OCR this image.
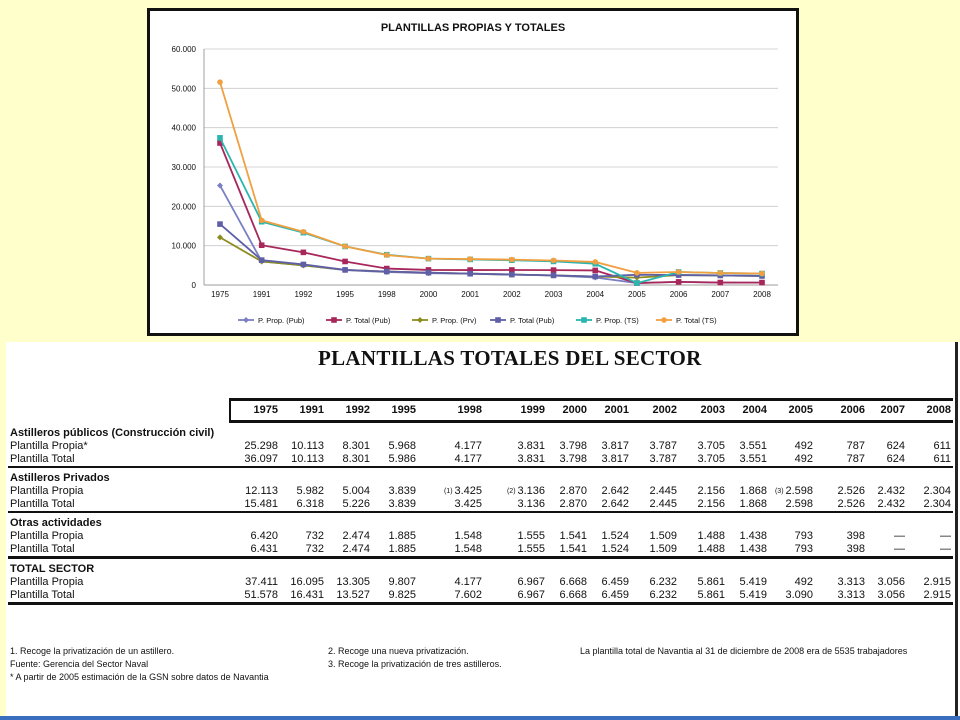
PLANTILLAS PROPIAS Y TOTALES
60.000
50.000
40.000
30.000
20.000
10.000
0
1975	1991	1992	1995	1998	2000	2001	2002	2003	2004	2005	2006	2007	2008
P. Prop. (Pub)	P. Total (Pub)	P. Prop. (Prv)	P. Total (Pub)	P. Prop. (TS)	P. Total (TS)
PLANTILLAS TOTALES DEL SECTOR
	1975	1991	1992	1995	1998	1999	2000	2001	2002	2003	2004	2005	2006	2007	2008
Astilleros públicos (Construcción civil)															
Plantilla Propia*	25.298	10.113	8.301	5.968	4.177	3.831	3.798	3.817	3.787	3.705	3.551	492	787	624	611
Plantilla Total	36.097	10.113	8.301	5.986	4.177	3.831	3.798	3.817	3.787	3.705	3.551	492	787	624	611
Astilleros Privados															
Plantilla Propia	12.113	5.982	5.004	3.839	$^{(1)}$ 3.425	$^{(2)}$ 3.136	2.870	2.642	2.445	2.156	1.868	$^{(3)}$ 2.598	2.526	2.432	2.304
Plantilla Total	15.481	6.318	5.226	3.839	3.425	3.136	2.870	2.642	2.445	2.156	1.868	2.598	2.526	2.432	2.304
Otras actividades															
Plantilla Propia	6.420	732	2.474	1.885	1.548	1.555	1.541	1.524	1.509	1.488	1.438	793	398	—	—
Plantilla Total	6.431	732	2.474	1.885	1.548	1.555	1.541	1.524	1.509	1.488	1.438	793	398	—	—
TOTAL SECTOR															
Plantilla Propia	37.411	16.095	13.305	9.807	4.177	6.967	6.668	6.459	6.232	5.861	5.419	492	3.313	3.056	2.915
Plantilla Total	51.578	16.431	13.527	9.825	7.602	6.967	6.668	6.459	6.232	5.861	5.419	3.090	3.313	3.056	2.915
1. Recoge la privatización de un astillero.
Fuente: Gerencia del Sector Naval
* A partir de 2005 estimación de la GSN sobre datos de Navantia
2. Recoge una nueva privatización.
3. Recoge la privatización de tres astilleros.
La plantilla total de Navantia al 31 de diciembre de 2008 era de 5535 trabajadores
